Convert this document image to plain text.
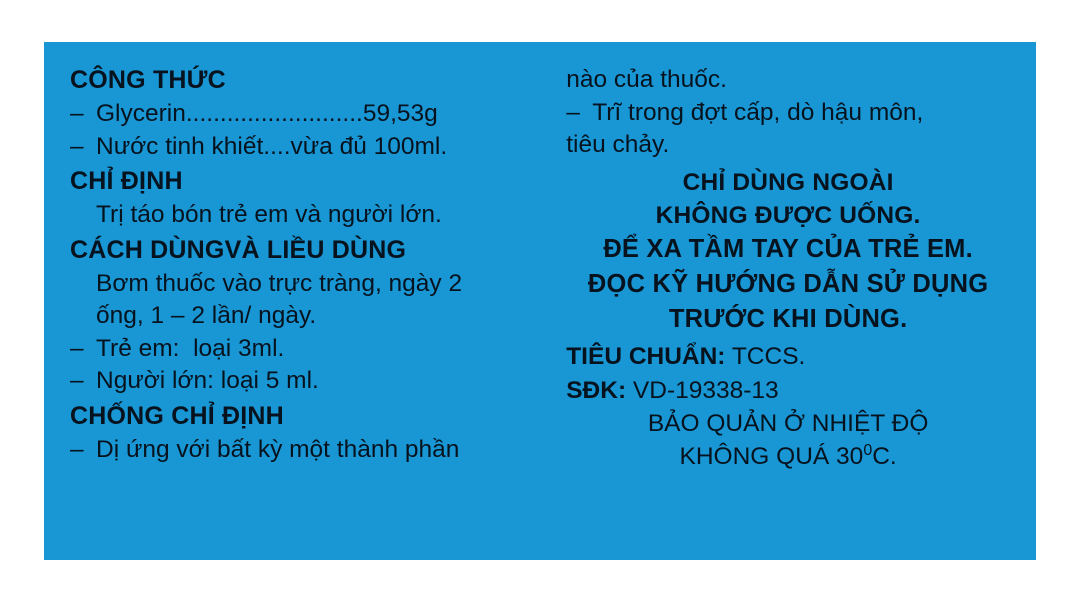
CÔNG THỨC
– Glycerin..........................59,53g
– Nước tinh khiết....vừa đủ 100ml.
CHỈ ĐỊNH
Trị táo bón trẻ em và người lớn.
CÁCH DÙNGVÀ LIỀU DÙNG
Bơm thuốc vào trực tràng, ngày 2
ống, 1 – 2 lần/ ngày.
– Trẻ em:  loại 3ml.
– Người lớn: loại 5 ml.
CHỐNG CHỈ ĐỊNH
– Dị ứng với bất kỳ một thành phần
nào của thuốc.
– Trĩ trong đợt cấp, dò hậu môn,
tiêu chảy.
CHỈ DÙNG NGOÀI
KHÔNG ĐƯỢC UỐNG.
ĐỂ XA TẦM TAY CỦA TRẺ EM.
ĐỌC KỸ HƯỚNG DẪN SỬ DỤNG
TRƯỚC KHI DÙNG.
TIÊU CHUẨN: TCCS.
SĐK: VD-19338-13
BẢO QUẢN Ở NHIỆT ĐỘ
KHÔNG QUÁ $30^0C$.
